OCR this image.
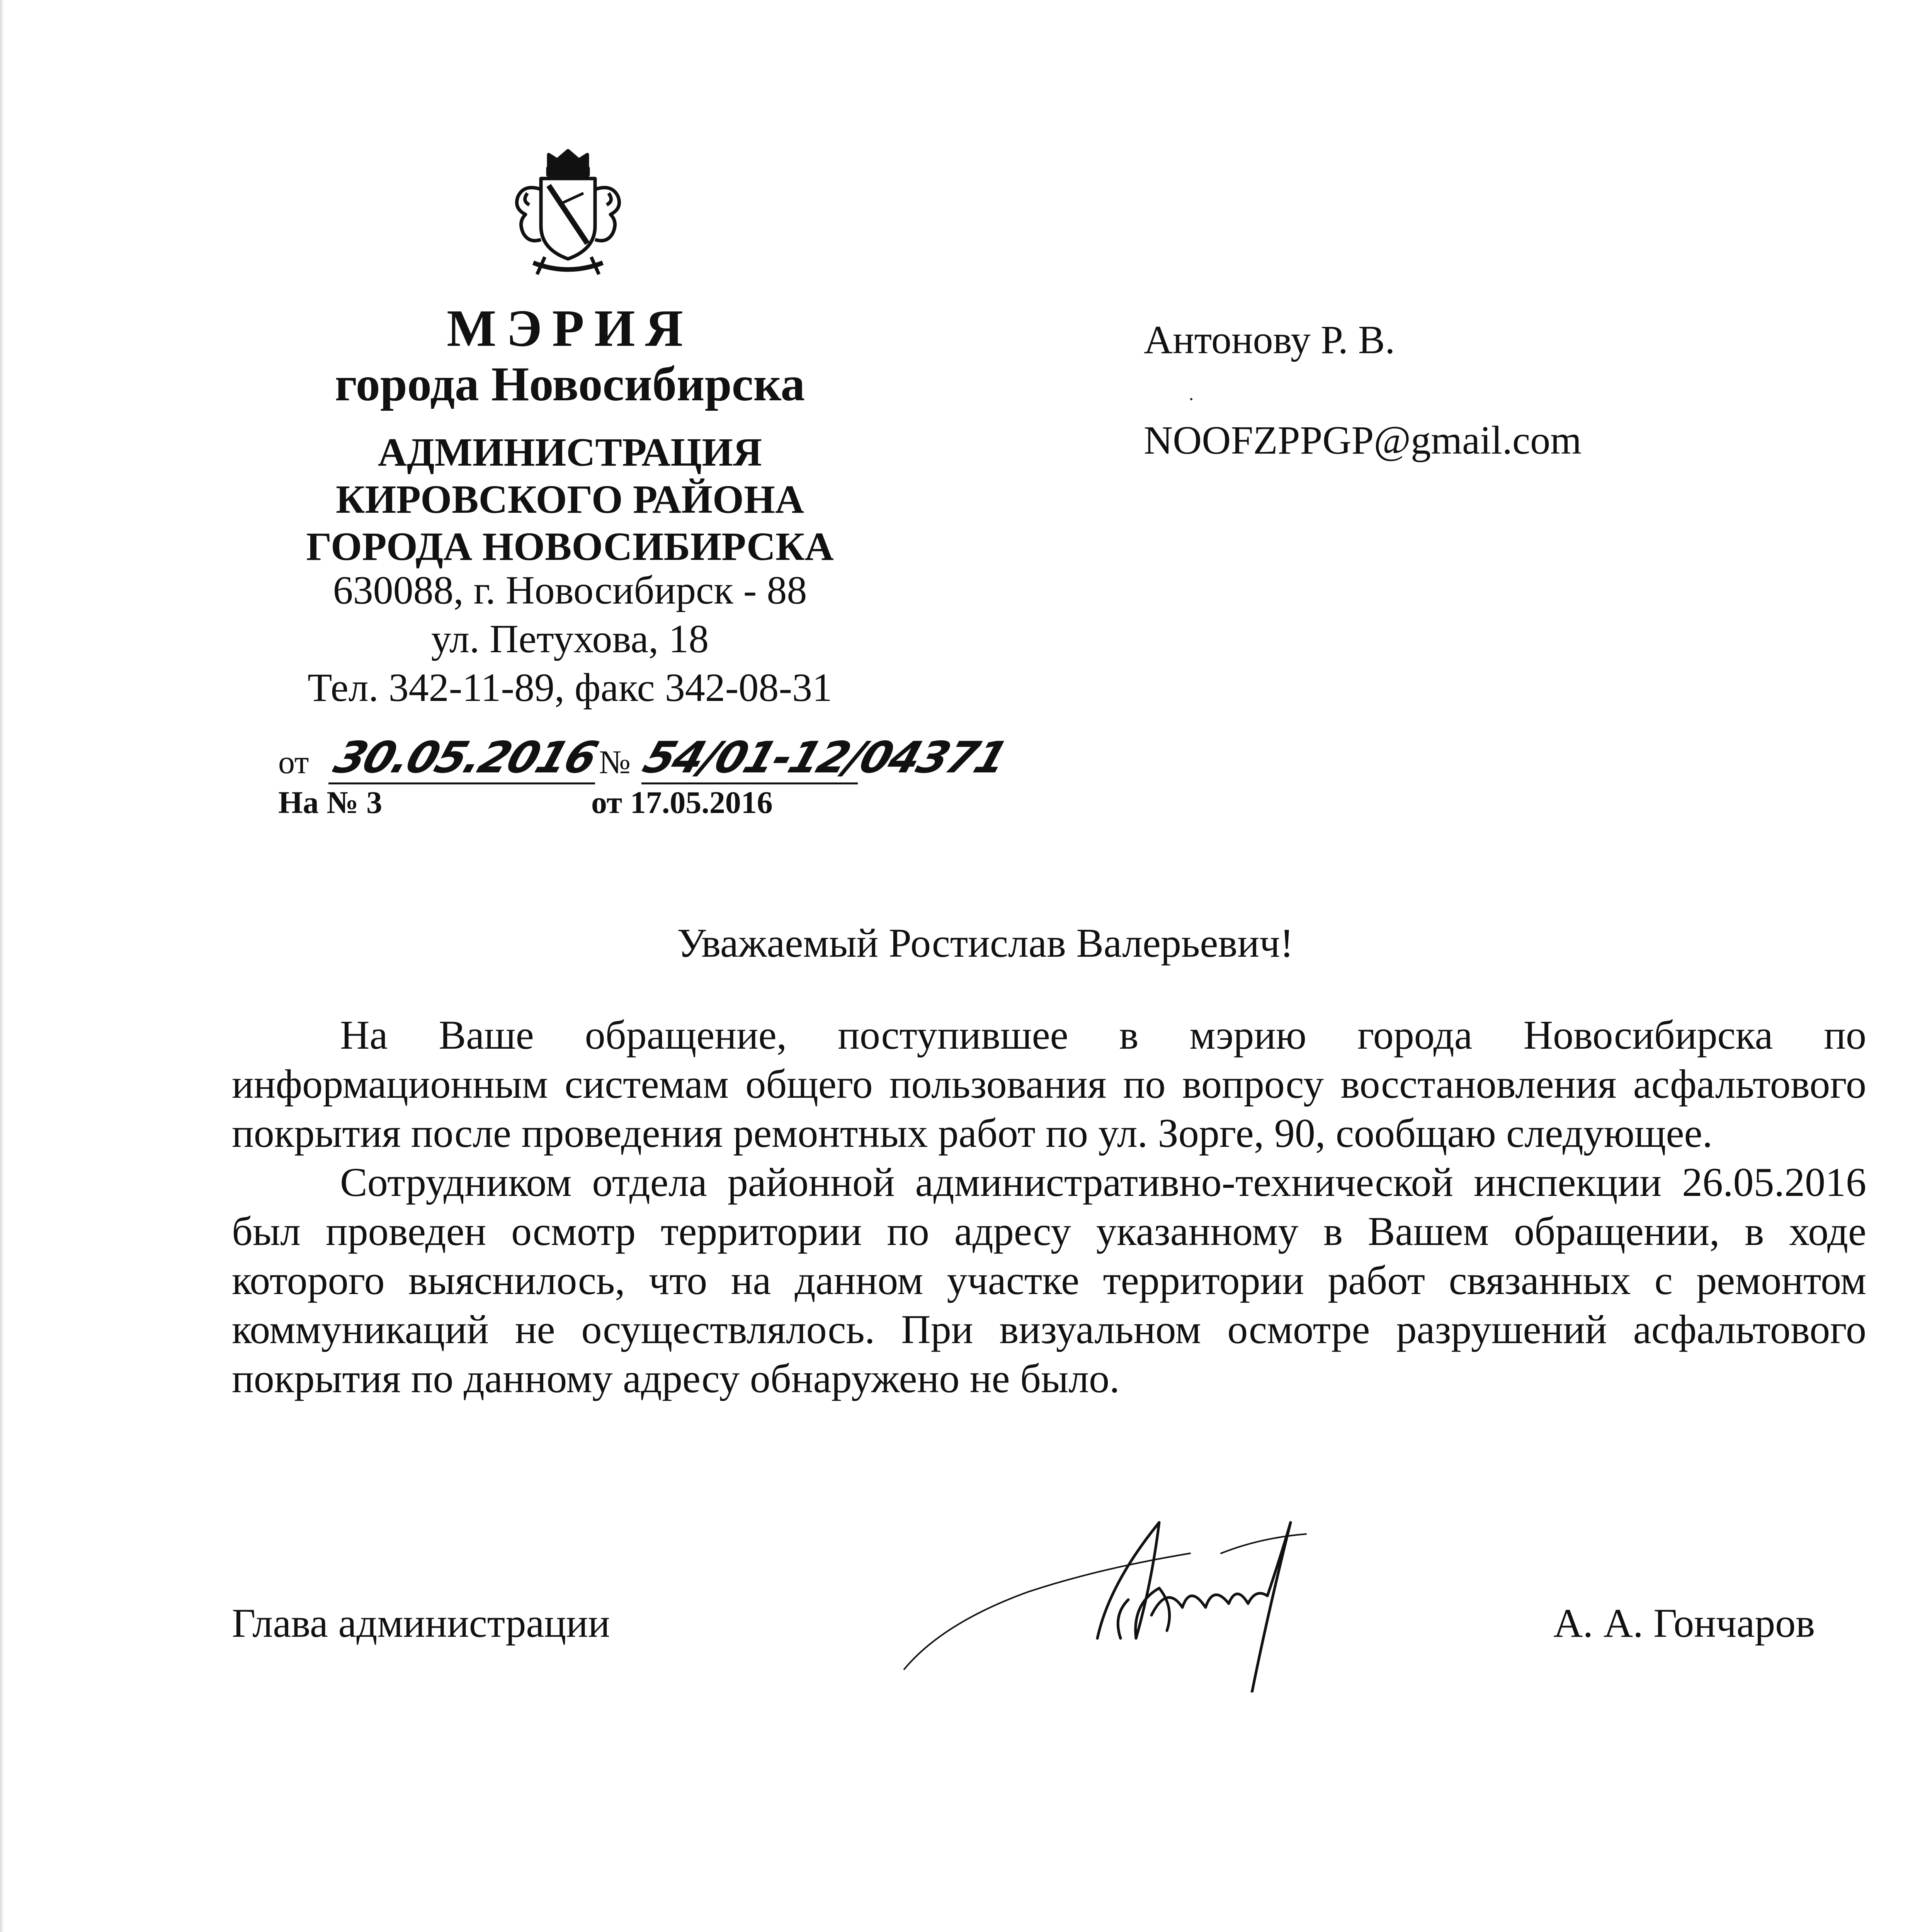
МЭРИЯ
города Новосибирска
АДМИНИСТРАЦИЯ
КИРОВСКОГО РАЙОНА
ГОРОДА НОВОСИБИРСКА
630088, г. Новосибирск - 88
ул. Петухова, 18
Тел. 342-11-89, факс 342-08-31
от 30.05.2016
№ 54/01-12/04371
На № 3	от 17.05.2016
Антонову Р. В.
NOOFZPPGP@gmail.com
Уважаемый Ростислав Валерьевич!

На Ваше обращение, поступившее в мэрию города Новосибирска по информационным системам общего пользования по вопросу восстановления асфальтового покрытия после проведения ремонтных работ по ул. Зорге, 90, сообщаю следующее.

Сотрудником отдела районной административно-технической инспекции 26.05.2016 был проведен осмотр территории по адресу указанному в Вашем обращении, в ходе которого выяснилось, что на данном участке территории работ связанных с ремонтом коммуникаций не осуществлялось. При визуальном осмотре разрушений асфальтового покрытия по данному адресу обнаружено не было.

Глава администрации	А. А. Гончаров
